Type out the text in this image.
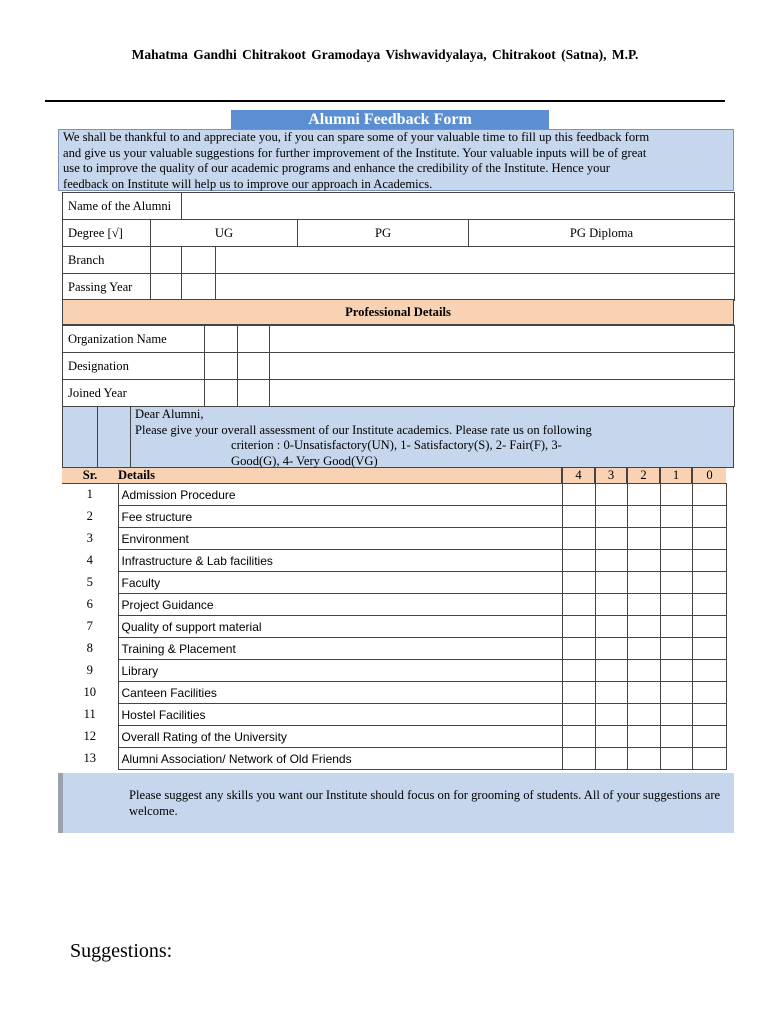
Mahatma Gandhi Chitrakoot Gramodaya Vishwavidyalaya, Chitrakoot (Satna), M.P.
Alumni Feedback Form
We shall be thankful to and appreciate you, if you can spare some of your valuable time to fill up this feedback form
and give us your valuable suggestions for further improvement of the Institute. Your valuable inputs will be of great
use to improve the quality of our academic programs and enhance the credibility of the Institute. Hence your
feedback on Institute will help us to improve our approach in Academics.
Name of the Alumni					
Degree [√]	UG			PG	PG Diploma
Branch					
Passing Year					
Professional Details
Organization Name			
Designation			
Joined Year			
Dear Alumni,
Please give your overall assessment of our Institute academics. Please rate us on following
criterion : 0-Unsatisfactory(UN), 1- Satisfactory(S), 2- Fair(F), 3-
Good(G), 4- Very Good(VG)
Sr.	Details	4	3	2	1	0
1	Admission Procedure					
2	Fee structure					
3	Environment					
4	Infrastructure & Lab facilities					
5	Faculty					
6	Project Guidance					
7	Quality of support material					
8	Training & Placement					
9	Library					
10	Canteen Facilities					
11	Hostel Facilities					
12	Overall Rating of the University					
13	Alumni Association/ Network of Old Friends					
Please suggest any skills you want our Institute should focus on for grooming of students. All of your suggestions are welcome.
Suggestions:
